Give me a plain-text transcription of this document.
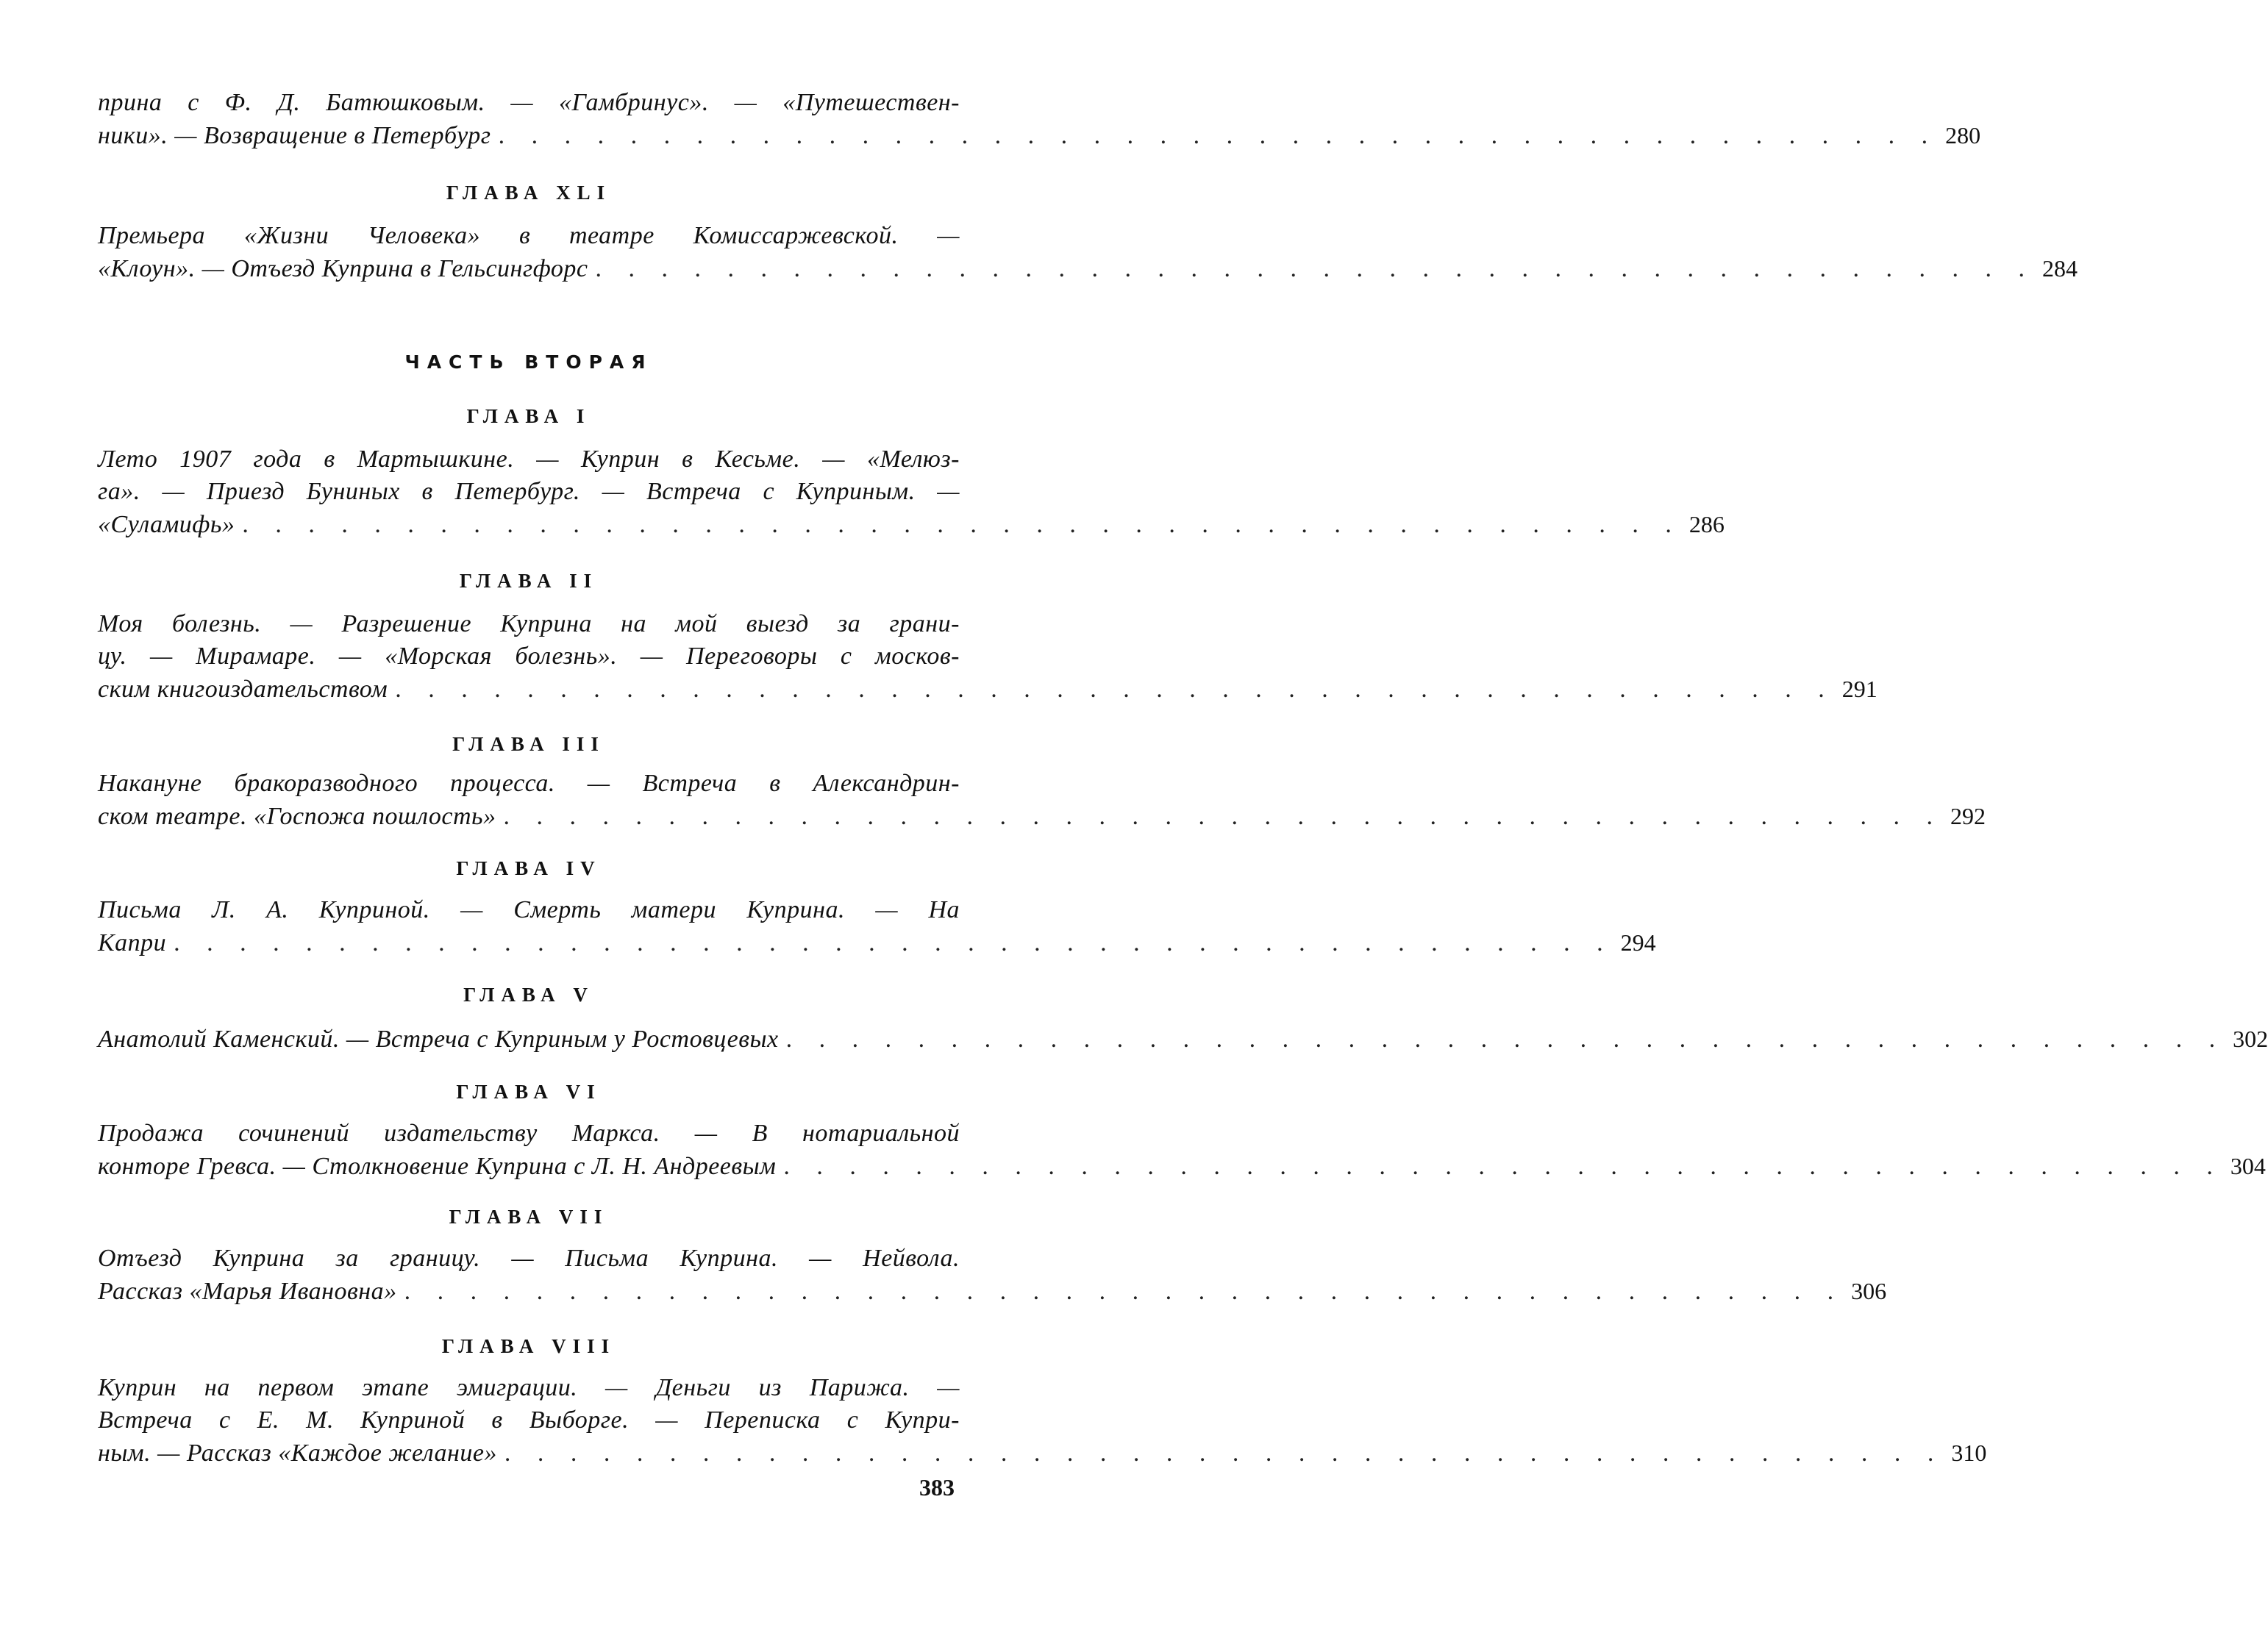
прина с Ф. Д. Батюшковым. — «Гамбринус». — «Путешествен-
ники». — Возвращение в Петербург . . . . . . . . . . . . . . . . . . . . . . . . . . . . . . . . . . . . . . . . . . . . 280
ГЛАВА XLI
Премьера «Жизни Человека» в театре Комиссаржевской. —
«Клоун». — Отъезд Куприна в Гельсингфорс . . . . . . . . . . . . . . . . . . . . . . . . . . . . . . . . . . . . . . . . . . . . 284
ЧАСТЬ ВТОРАЯ
ГЛАВА I
Лето 1907 года в Мартышкине. — Куприн в Кесьме. — «Мелюз-
га». — Приезд Буниных в Петербург. — Встреча с Куприным. —
«Суламифь» . . . . . . . . . . . . . . . . . . . . . . . . . . . . . . . . . . . . . . . . . . . . 286
ГЛАВА II
Моя болезнь. — Разрешение Куприна на мой выезд за грани-
цу. — Мирамаре. — «Морская болезнь». — Переговоры с москов-
ским книгоиздательством . . . . . . . . . . . . . . . . . . . . . . . . . . . . . . . . . . . . . . . . . . . . 291
ГЛАВА III
Накануне бракоразводного процесса. — Встреча в Александрин-
ском театре. «Госпожа пошлость» . . . . . . . . . . . . . . . . . . . . . . . . . . . . . . . . . . . . . . . . . . . . 292
ГЛАВА IV
Письма Л. А. Куприной. — Смерть матери Куприна. — На
Капри . . . . . . . . . . . . . . . . . . . . . . . . . . . . . . . . . . . . . . . . . . . . 294
ГЛАВА V
Анатолий Каменский. — Встреча с Куприным у Ростовцевых . . . . . . . . . . . . . . . . . . . . . . . . . . . . . . . . . . . . . . . . . . . . 302
ГЛАВА VI
Продажа сочинений издательству Маркса. — В нотариальной
конторе Гревса. — Столкновение Куприна с Л. Н. Андреевым . . . . . . . . . . . . . . . . . . . . . . . . . . . . . . . . . . . . . . . . . . . . 304
ГЛАВА VII
Отъезд Куприна за границу. — Письма Куприна. — Нейвола.
Рассказ «Марья Ивановна» . . . . . . . . . . . . . . . . . . . . . . . . . . . . . . . . . . . . . . . . . . . . 306
ГЛАВА VIII
Куприн на первом этапе эмиграции. — Деньги из Парижа. —
Встреча с Е. М. Куприной в Выборге. — Переписка с Купри-
ным. — Рассказ «Каждое желание» . . . . . . . . . . . . . . . . . . . . . . . . . . . . . . . . . . . . . . . . . . . . 310
383
